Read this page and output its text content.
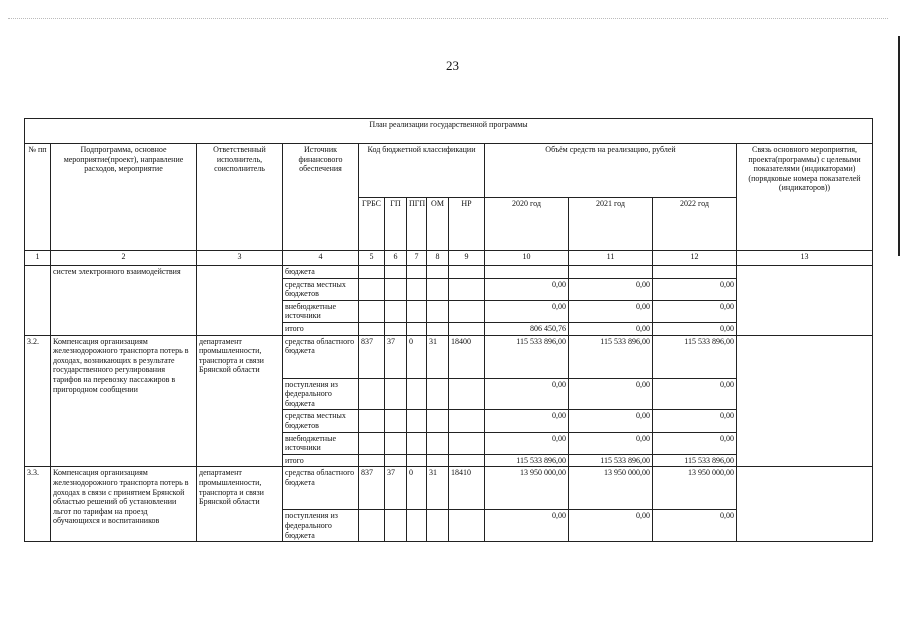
23
План реализации государственной программы												
№ пп	Подпрограмма, основное мероприятие(проект), направление расходов, мероприятие	Ответственный исполнитель, соисполнитель	Источник финансового обеспечения	Код бюджетной классификации					Объём средств на реализацию, рублей			Связь основного мероприятия, проекта(программы) с целевыми показателями (индикаторами) (порядковые номера показателей (индикаторов))
				ГРБС	ГП	ПГП	ОМ	НР	2020 год	2021 год	2022 год	
1	2	3	4	5	6	7	8	9	10	11	12	13
	систем электронного взаимодействия		бюджета									
			средства местных бюджетов						0,00	0,00	0,00	
			внебюджетные источники						0,00	0,00	0,00	
			итого						806 450,76	0,00	0,00	
3.2.	Компенсация организациям железнодорожного транспорта потерь в доходах, возникающих в результате государственного регулирования тарифов на перевозку пассажиров в пригородном сообщении	департамент промышленности, транспорта и связи Брянской области	средства областного бюджета	837	37	0	31	18400	115 533 896,00	115 533 896,00	115 533 896,00	
			поступления из федерального бюджета						0,00	0,00	0,00	
			средства местных бюджетов						0,00	0,00	0,00	
			внебюджетные источники						0,00	0,00	0,00	
			итого						115 533 896,00	115 533 896,00	115 533 896,00	
3.3.	Компенсация организациям железнодорожного транспорта потерь в доходах в связи с принятием Брянской областью решений об установлении льгот по тарифам на проезд обучающихся и воспитанников	департамент промышленности, транспорта и связи Брянской области	средства областного бюджета	837	37	0	31	18410	13 950 000,00	13 950 000,00	13 950 000,00	
			поступления из федерального бюджета						0,00	0,00	0,00	
